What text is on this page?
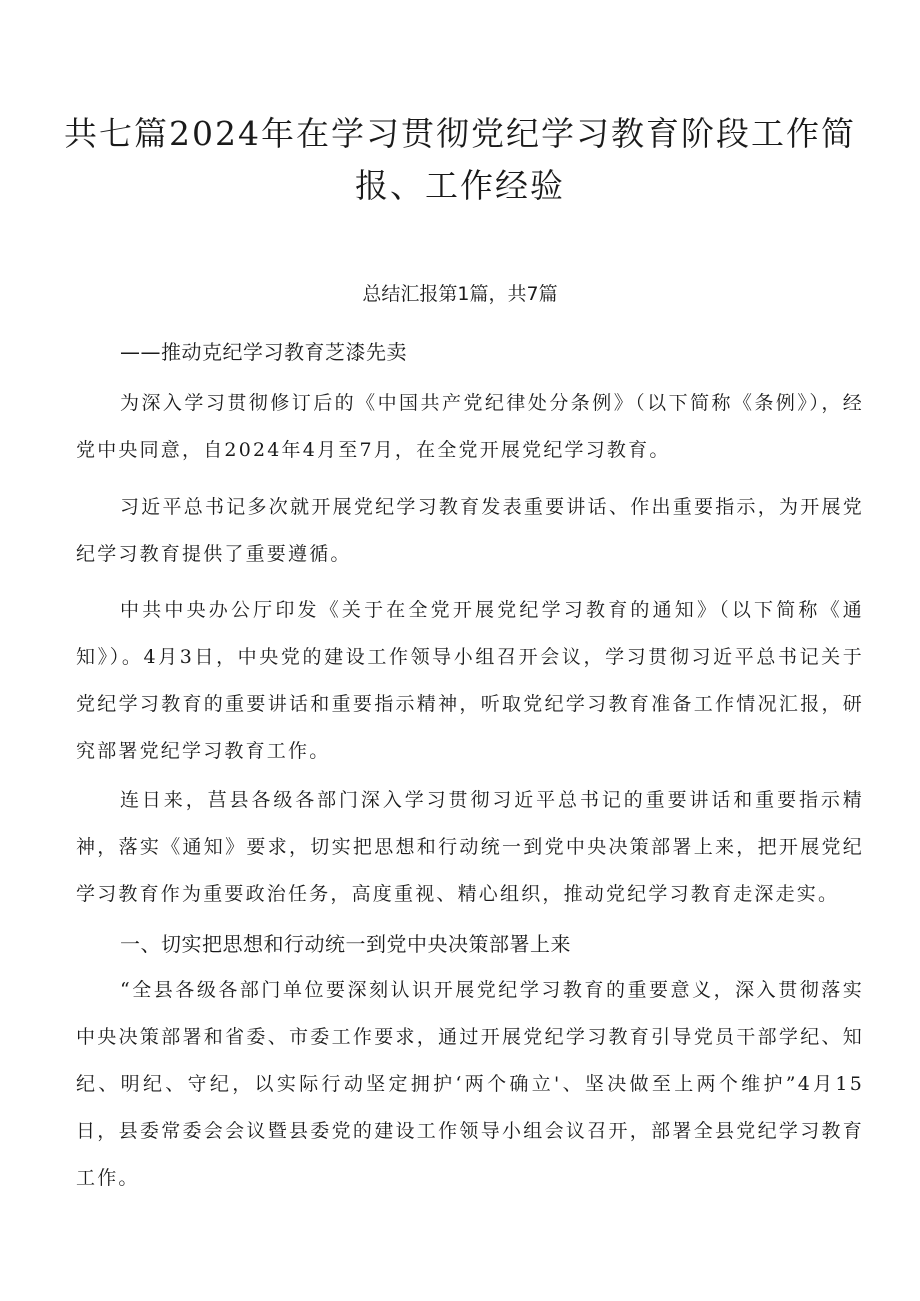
共七篇2024年在学习贯彻党纪学习教育阶段工作简报、工作经验

总结汇报第1篇，共7篇

——推动克纪学习教育芝漆先卖

为深入学习贯彻修订后的《中国共产党纪律处分条例》（以下简称《条例》），经党中央同意，自2024年4月至7月，在全党开展党纪学习教育。

习近平总书记多次就开展党纪学习教育发表重要讲话、作出重要指示，为开展党纪学习教育提供了重要遵循。

中共中央办公厅印发《关于在全党开展党纪学习教育的通知》（以下简称《通知》）。4月3日，中央党的建设工作领导小组召开会议，学习贯彻习近平总书记关于党纪学习教育的重要讲话和重要指示精神，听取党纪学习教育准备工作情况汇报，研究部署党纪学习教育工作。

连日来，莒县各级各部门深入学习贯彻习近平总书记的重要讲话和重要指示精神，落实《通知》要求，切实把思想和行动统一到党中央决策部署上来，把开展党纪学习教育作为重要政治任务，高度重视、精心组织，推动党纪学习教育走深走实。

一、切实把思想和行动统一到党中央决策部署上来

“全县各级各部门单位要深刻认识开展党纪学习教育的重要意义，深入贯彻落实中央决策部署和省委、市委工作要求，通过开展党纪学习教育引导党员干部学纪、知纪、明纪、守纪，以实际行动坚定拥护‘两个确立'、坚决做至上两个维护”4月15日，县委常委会会议暨县委党的建设工作领导小组会议召开，部署全县党纪学习教育工作。
